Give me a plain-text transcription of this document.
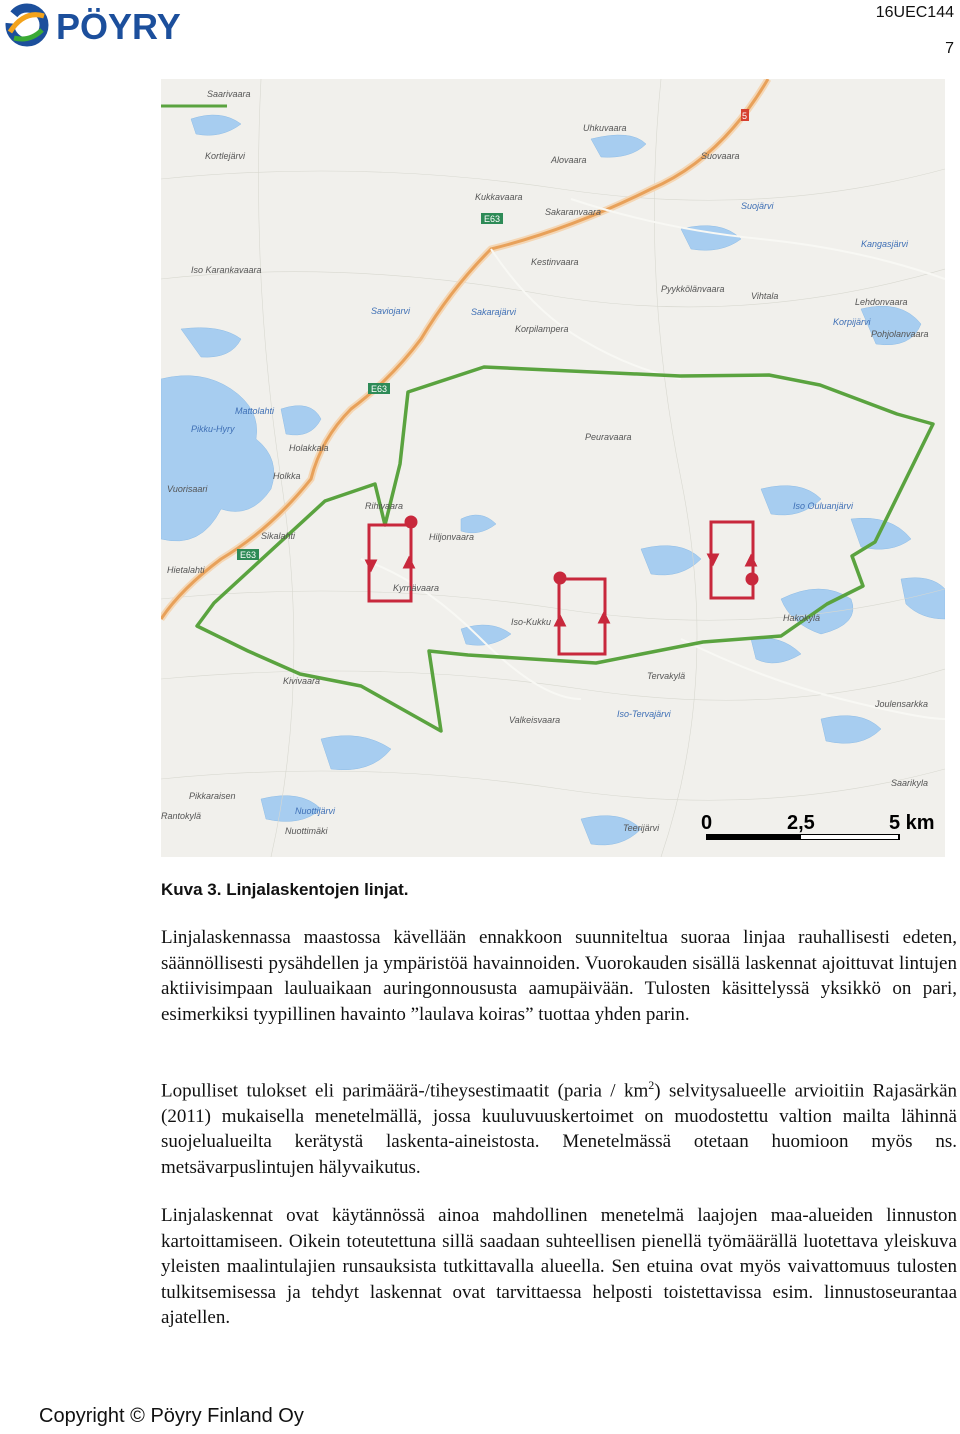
PÖYRY	16UEC144
7
E63
E63
E63
5
Saarivaara
Kortlejärvi
Iso Karankavaara
Uhkuvaara
Alovaara	Suovaara
Kukkavaara
Sakaranvaara
Kestinvaara
Suojärvi
Kangasjärvi
Pyykkölänvaara
Vihtala
Lehdonvaara
Korpijärvi
Pohjolanvaara
Saviojarvi	Sakarajärvi
Korpilampera
Peuravaara
Mattolahti
Pikku-Hyry
Holakkala
Holkka
Vuorisaari
Rihivaara
Hiljonvaara
Sikalahti
Kyrnävaara
Iso-Kukku
Hietalahti
Hakokylä
Iso Ouluanjärvi
Kivivaara	Tervakylä
Valkeisvaara
Iso-Tervajärvi
Joulensarkka
Pikkaraisen
Nuottijärvi
Rantokylä
Nuottimäki	Teerijärvi
Saarikyla
0	2,5	5 km
Kuva 3. Linjalaskentojen linjat.

Linjalaskennassa maastossa kävellään ennakkoon suunniteltua suoraa linjaa rauhallisesti edeten, säännöllisesti pysähdellen ja ympäristöä havainnoiden. Vuorokauden sisällä laskennat ajoittuvat lintujen aktiivisimpaan lauluaikaan auringonnoususta aamupäivään. Tulosten käsittelyssä yksikkö on pari, esimerkiksi tyypillinen havainto ”laulava koiras” tuottaa yhden parin.

Lopulliset tulokset eli parimäärä-/tiheysestimaatit (paria / $km^2$) selvitysalueelle arvioitiin Rajasärkän (2011) mukaisella menetelmällä, jossa kuuluvuuskertoimet on muodostettu valtion mailta lähinnä suojelualueilta kerätystä laskenta-aineistosta. Menetelmässä otetaan huomioon myös ns. metsävarpuslintujen hälyvaikutus.

Linjalaskennat ovat käytännössä ainoa mahdollinen menetelmä laajojen maa-alueiden linnuston kartoittamiseen. Oikein toteutettuna sillä saadaan suhteellisen pienellä työmäärällä luotettava yleiskuva yleisten maalintulajien runsauksista tutkittavalla alueella. Sen etuina ovat myös vaivattomuus tulosten tulkitsemisessa ja tehdyt laskennat ovat tarvittaessa helposti toistettavissa esim. linnustoseurantaa ajatellen.

Copyright © Pöyry Finland Oy
